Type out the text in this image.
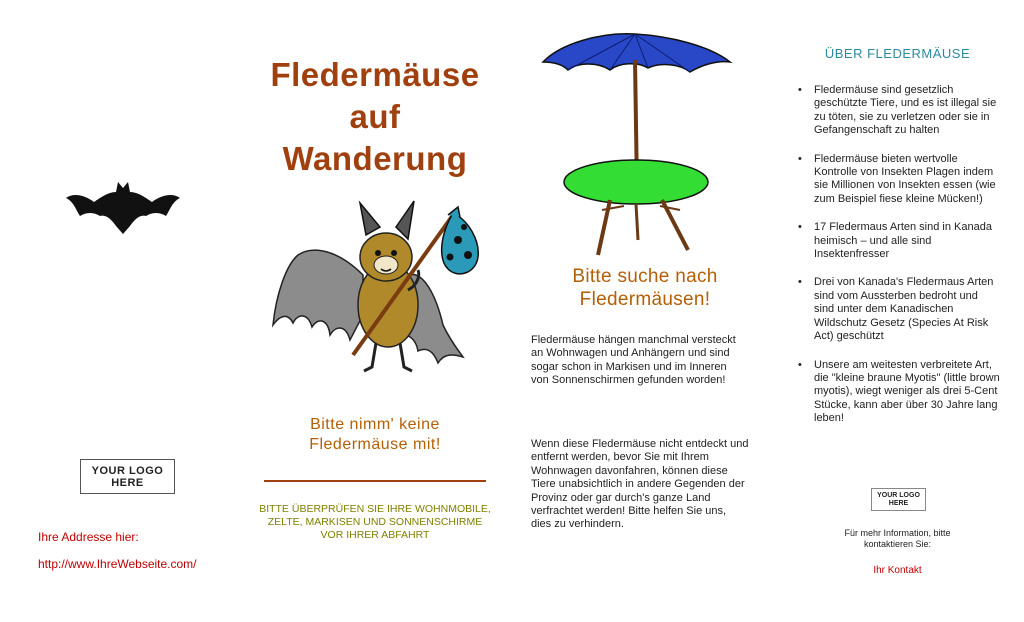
YOUR LOGO
HERE
Ihre Addresse hier:
http://www.IhreWebseite.com/
Fledermäuse
auf
Wanderung
Bitte nimm' keine
Fledermäuse mit!
BITTE ÜBERPRÜFEN SIE IHRE WOHNMOBILE,
ZELTE, MARKISEN UND SONNENSCHIRME
VOR IHRER ABFAHRT
Bitte suche nach
Fledermäusen!
Fledermäuse hängen manchmal versteckt an Wohnwagen und Anhängern und sind sogar schon in Markisen und im Inneren von Sonnenschirmen gefunden worden!
Wenn diese Fledermäuse nicht entdeckt und entfernt werden, bevor Sie mit Ihrem Wohnwagen davonfahren, können diese Tiere unabsichtlich in andere Gegenden der Provinz oder gar durch's ganze Land verfrachtet werden! Bitte helfen Sie uns, dies zu verhindern.
ÜBER FLEDERMÄUSE
• Fledermäuse sind gesetzlich geschützte Tiere, und es ist illegal sie zu töten, sie zu verletzen oder sie in Gefangenschaft zu halten
• Fledermäuse bieten wertvolle Kontrolle von Insekten Plagen indem sie Millionen von Insekten essen (wie zum Beispiel fiese kleine Mücken!)
• 17 Fledermaus Arten sind in Kanada heimisch – und alle sind Insektenfresser
• Drei von Kanada's Fledermaus Arten sind vom Aussterben bedroht und sind unter dem Kanadischen Wildschutz Gesetz (Species At Risk Act) geschützt
• Unsere am weitesten verbreitete Art, die "kleine braune Myotis" (little brown myotis), wiegt weniger als drei 5-Cent Stücke, kann aber über 30 Jahre lang leben!
YOUR LOGO
HERE
Für mehr Information, bitte kontaktieren Sie:
Ihr Kontakt
